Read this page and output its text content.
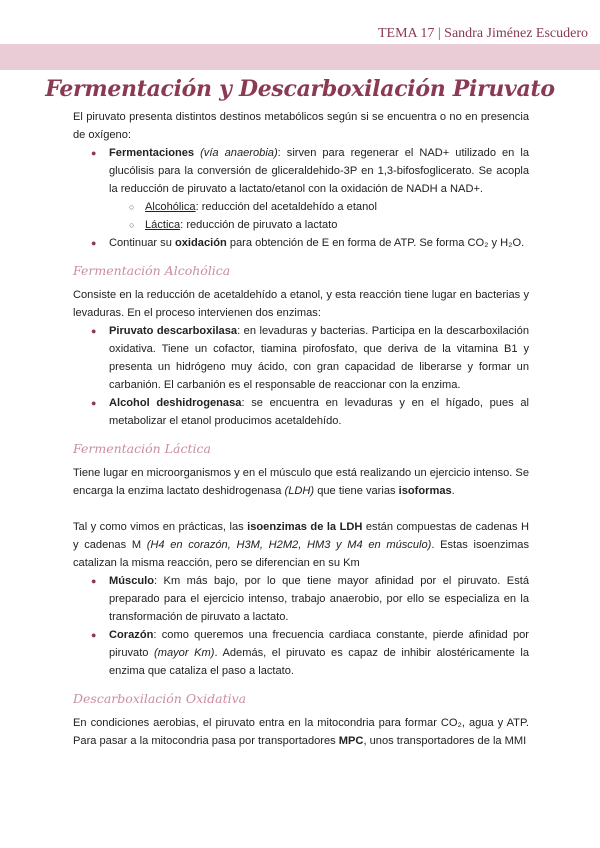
TEMA 17 | Sandra Jiménez Escudero
Fermentación y Descarboxilación Piruvato

El piruvato presenta distintos destinos metabólicos según si se encuentra o no en presencia de oxígeno:

● Fermentaciones (vía anaerobia): sirven para regenerar el NAD+ utilizado en la glucólisis para la conversión de gliceraldehido-3P en 1,3-bifosfoglicerato. Se acopla la reducción de piruvato a lactato/etanol con la oxidación de NADH a NAD+.
○ Alcohólica: reducción del acetaldehído a etanol
○ Láctica: reducción de piruvato a lactato
● Continuar su oxidación para obtención de E en forma de ATP. Se forma CO₂ y H₂O.
Fermentación Alcohólica

Consiste en la reducción de acetaldehído a etanol, y esta reacción tiene lugar en bacterias y levaduras. En el proceso intervienen dos enzimas:

● Piruvato descarboxilasa: en levaduras y bacterias. Participa en la descarboxilación oxidativa. Tiene un cofactor, tiamina pirofosfato, que deriva de la vitamina B1 y presenta un hidrógeno muy ácido, con gran capacidad de liberarse y formar un carbanión. El carbanión es el responsable de reaccionar con la enzima.
● Alcohol deshidrogenasa: se encuentra en levaduras y en el hígado, pues al metabolizar el etanol producimos acetaldehído.
Fermentación Láctica

Tiene lugar en microorganismos y en el músculo que está realizando un ejercicio intenso. Se encarga la enzima lactato deshidrogenasa (LDH) que tiene varias isoformas.

Tal y como vimos en prácticas, las isoenzimas de la LDH están compuestas de cadenas H y cadenas M (H4 en corazón, H3M, H2M2, HM3 y M4 en músculo). Estas isoenzimas catalizan la misma reacción, pero se diferencian en su Km

● Músculo: Km más bajo, por lo que tiene mayor afinidad por el piruvato. Está preparado para el ejercicio intenso, trabajo anaerobio, por ello se especializa en la transformación de piruvato a lactato.
● Corazón: como queremos una frecuencia cardiaca constante, pierde afinidad por piruvato (mayor Km). Además, el piruvato es capaz de inhibir alostéricamente la enzima que cataliza el paso a lactato.
Descarboxilación Oxidativa

En condiciones aerobias, el piruvato entra en la mitocondria para formar CO₂, agua y ATP. Para pasar a la mitocondria pasa por transportadores MPC, unos transportadores de la MMI
